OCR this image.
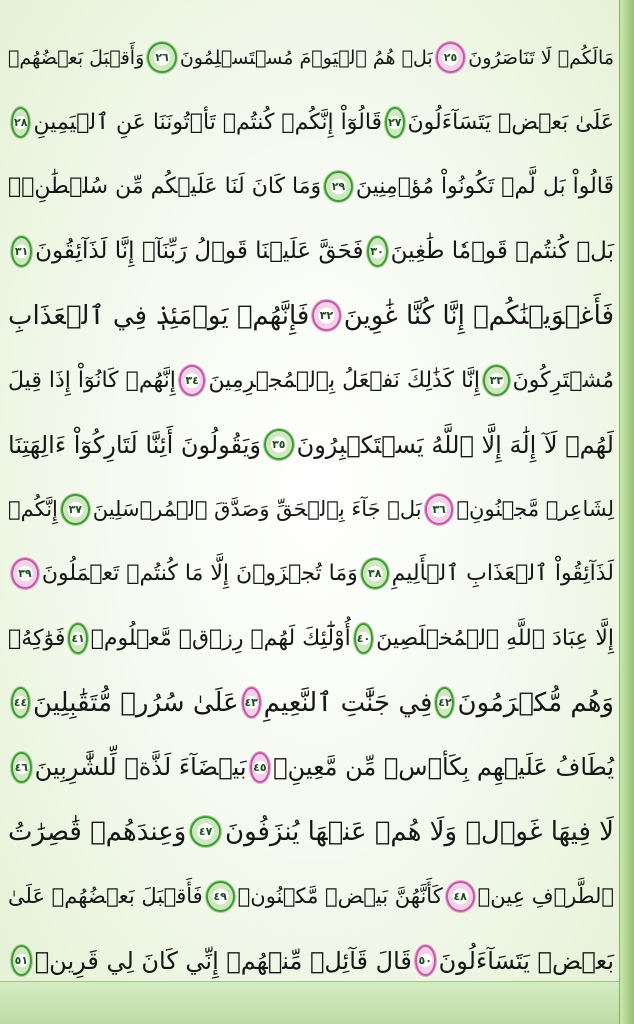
مَالَكُمۡ لَا تَنَاصَرُونَ
٢٥
بَلۡ هُمُ ٱلۡيَوۡمَ مُسۡتَسۡلِمُونَ
٢٦
وَأَقۡبَلَ بَعۡضُهُمۡ
عَلَىٰ بَعۡضٖ يَتَسَآءَلُونَ
٢٧
قَالُوٓاْ إِنَّكُمۡ كُنتُمۡ تَأۡتُونَنَا عَنِ ٱلۡيَمِينِ
٢٨
قَالُواْ بَل لَّمۡ تَكُونُواْ مُؤۡمِنِينَ
٢٩
وَمَا كَانَ لَنَا عَلَيۡكُم مِّن سُلۡطَٰنِۭۖ
بَلۡ كُنتُمۡ قَوۡمٗا طَٰغِينَ
٣٠
فَحَقَّ عَلَيۡنَا قَوۡلُ رَبِّنَآۖ إِنَّا لَذَآئِقُونَ
٣١
فَأَغۡوَيۡنَٰكُمۡ إِنَّا كُنَّا غَٰوِينَ
٣٢
فَإِنَّهُمۡ يَوۡمَئِذٖ فِي ٱلۡعَذَابِ
مُشۡتَرِكُونَ
٣٣
إِنَّا كَذَٰلِكَ نَفۡعَلُ بِٱلۡمُجۡرِمِينَ
٣٤
إِنَّهُمۡ كَانُوٓاْ إِذَا قِيلَ
لَهُمۡ لَآ إِلَٰهَ إِلَّا ٱللَّهُ يَسۡتَكۡبِرُونَ
٣٥
وَيَقُولُونَ أَئِنَّا لَتَارِكُوٓاْ ءَالِهَتِنَا
لِشَاعِرٖ مَّجۡنُونِۭ
٣٦
بَلۡ جَآءَ بِٱلۡحَقِّ وَصَدَّقَ ٱلۡمُرۡسَلِينَ
٣٧
إِنَّكُمۡ
لَذَآئِقُواْ ٱلۡعَذَابِ ٱلۡأَلِيمِ
٣٨
وَمَا تُجۡزَوۡنَ إِلَّا مَا كُنتُمۡ تَعۡمَلُونَ
٣٩
إِلَّا عِبَادَ ٱللَّهِ ٱلۡمُخۡلَصِينَ
٤٠
أُوْلَٰٓئِكَ لَهُمۡ رِزۡقٞ مَّعۡلُومٞ
٤١
فَوَٰكِهُۖ
وَهُم مُّكۡرَمُونَ
٤٢
فِي جَنَّٰتِ ٱلنَّعِيمِ
٤٣
عَلَىٰ سُرُرٖ مُّتَقَٰبِلِينَ
٤٤
يُطَافُ عَلَيۡهِم بِكَأۡسٖ مِّن مَّعِينِۭ
٤٥
بَيۡضَآءَ لَذَّةٖ لِّلشَّٰرِبِينَ
٤٦
لَا فِيهَا غَوۡلٞ وَلَا هُمۡ عَنۡهَا يُنزَفُونَ
٤٧
وَعِندَهُمۡ قَٰصِرَٰتُ
ٱلطَّرۡفِ عِينٞ
٤٨
كَأَنَّهُنَّ بَيۡضٞ مَّكۡنُونٞ
٤٩
فَأَقۡبَلَ بَعۡضُهُمۡ عَلَىٰ
بَعۡضٖ يَتَسَآءَلُونَ
٥٠
قَالَ قَآئِلٞ مِّنۡهُمۡ إِنِّي كَانَ لِي قَرِينٞ
٥١
